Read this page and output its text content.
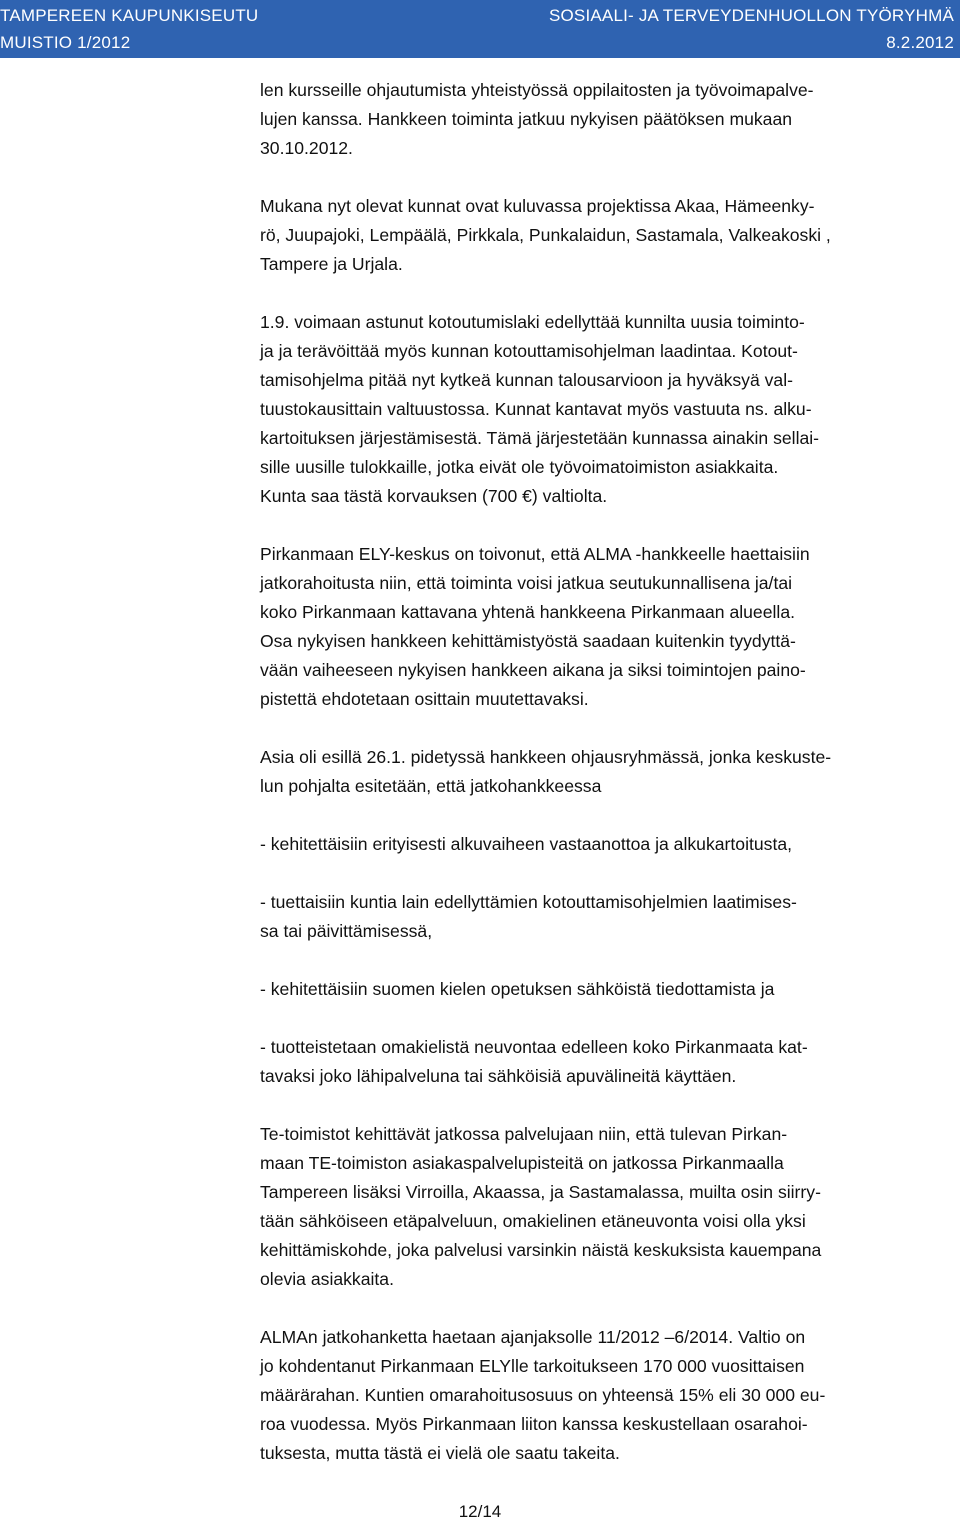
TAMPEREEN KAUPUNKISEUTU	SOSIAALI- JA TERVEYDENHUOLLON TYÖRYHMÄ
MUISTIO 1/2012	8.2.2012
len kursseille ohjautumista yhteistyössä oppilaitosten ja työvoimapalve-
lujen kanssa. Hankkeen toiminta jatkuu nykyisen päätöksen mukaan
30.10.2012.
Mukana nyt olevat kunnat ovat kuluvassa projektissa Akaa, Hämeenky-
rö, Juupajoki, Lempäälä, Pirkkala, Punkalaidun, Sastamala, Valkeakoski ,
Tampere ja Urjala.
1.9. voimaan astunut kotoutumislaki edellyttää kunnilta uusia toiminto-
ja ja terävöittää myös kunnan kotouttamisohjelman laadintaa. Kotout-
tamisohjelma pitää nyt kytkeä kunnan talousarvioon ja hyväksyä val-
tuustokausittain valtuustossa. Kunnat kantavat myös vastuuta ns. alku-
kartoituksen järjestämisestä. Tämä järjestetään kunnassa ainakin sellai-
sille uusille tulokkaille, jotka eivät ole työvoimatoimiston asiakkaita.
Kunta saa tästä korvauksen (700 €) valtiolta.
Pirkanmaan ELY-keskus on toivonut, että ALMA -hankkeelle haettaisiin
jatkorahoitusta niin, että toiminta voisi jatkua seutukunnallisena ja/tai
koko Pirkanmaan kattavana yhtenä hankkeena Pirkanmaan alueella.
Osa nykyisen hankkeen kehittämistyöstä saadaan kuitenkin tyydyttä-
vään vaiheeseen nykyisen hankkeen aikana ja siksi toimintojen paino-
pistettä ehdotetaan osittain muutettavaksi.
Asia oli esillä 26.1. pidetyssä hankkeen ohjausryhmässä, jonka keskuste-
lun pohjalta esitetään, että jatkohankkeessa
- kehitettäisiin erityisesti alkuvaiheen vastaanottoa ja alkukartoitusta,
- tuettaisiin kuntia lain edellyttämien kotouttamisohjelmien laatimises-
sa tai päivittämisessä,
- kehitettäisiin suomen kielen opetuksen sähköistä tiedottamista ja
- tuotteistetaan omakielistä neuvontaa edelleen koko Pirkanmaata kat-
tavaksi joko lähipalveluna tai sähköisiä apuvälineitä käyttäen.
Te-toimistot kehittävät jatkossa palvelujaan niin, että tulevan Pirkan-
maan TE-toimiston asiakaspalvelupisteitä on jatkossa Pirkanmaalla
Tampereen lisäksi Virroilla, Akaassa, ja Sastamalassa, muilta osin siirry-
tään sähköiseen etäpalveluun, omakielinen etäneuvonta voisi olla yksi
kehittämiskohde, joka palvelusi varsinkin näistä keskuksista kauempana
olevia asiakkaita.
ALMAn jatkohanketta haetaan ajanjaksolle 11/2012 –6/2014. Valtio on
jo kohdentanut Pirkanmaan ELYlle tarkoitukseen 170 000 vuosittaisen
määrärahan. Kuntien omarahoitusosuus on yhteensä 15% eli 30 000 eu-
roa vuodessa. Myös Pirkanmaan liiton kanssa keskustellaan osarahoi-
tuksesta, mutta tästä ei vielä ole saatu takeita.
12/14
